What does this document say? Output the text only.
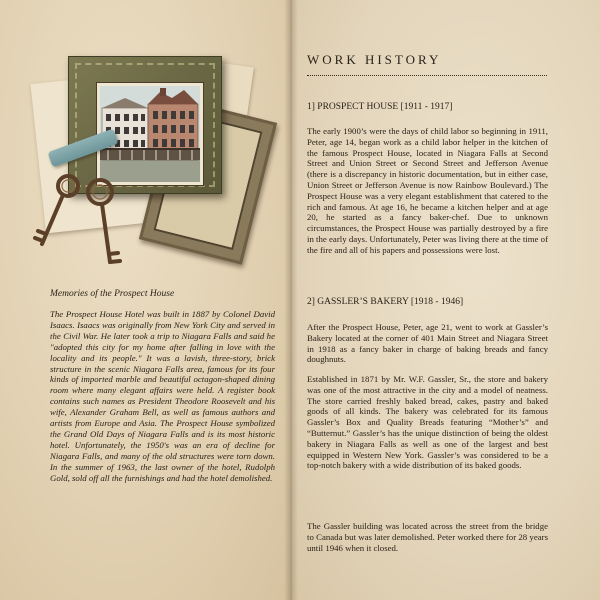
Memories of the Prospect House

The Prospect House Hotel was built in 1887 by Colonel David Isaacs. Isaacs was originally from New York City and served in the Civil War. He later took a trip to Niagara Falls and said he "adopted this city for my home after falling in love with the locality and its people." It was a lavish, three-story, brick structure in the scenic Niagara Falls area, famous for its four kinds of imported marble and beautiful octagon-shaped dining room where many elegant affairs were held. A register book contains such names as President Theodore Roosevelt and his wife, Alexander Graham Bell, as well as famous authors and artists from Europe and Asia. The Prospect House symbolized the Grand Old Days of Niagara Falls and is its most historic hotel. Unfortunately, the 1950's was an era of decline for Niagara Falls, and many of the old structures were torn down. In the summer of 1963, the last owner of the hotel, Rudolph Gold, sold off all the furnishings and had the hotel demolished.

WORK HISTORY

1] PROSPECT HOUSE [1911 - 1917]

The early 1900’s were the days of child labor so beginning in 1911, Peter, age 14, began work as a child labor helper in the kitchen of the famous Prospect House, located in Niagara Falls at Second Street and Union Street or Second Street and Jefferson Avenue (there is a discrepancy in historic documentation, but in either case, Union Street or Jefferson Avenue is now Rainbow Boulevard.) The Prospect House was a very elegant establishment that catered to the rich and famous. At age 16, he became a kitchen helper and at age 20, he started as a fancy baker-chef. Due to unknown circumstances, the Prospect House was partially destroyed by a fire in the early days. Unfortunately, Peter was living there at the time of the fire and all of his papers and possessions were lost.

2] GASSLER’S BAKERY [1918 - 1946]

After the Prospect House, Peter, age 21, went to work at Gassler’s Bakery located at the corner of 401 Main Street and Niagara Street in 1918 as a fancy baker in charge of baking breads and fancy doughnuts.

Established in 1871 by Mr. W.F. Gassler, Sr., the store and bakery was one of the most attractive in the city and a model of neatness. The store carried freshly baked bread, cakes, pastry and baked goods of all kinds. The bakery was celebrated for its famous Gassler’s Box and Quality Breads featuring “Mother’s” and “Butternut.” Gassler’s has the unique distinction of being the oldest bakery in Niagara Falls as well as one of the largest and best equipped in Western New York. Gassler’s was considered to be a top-notch bakery with a wide distribution of its baked goods.

The Gassler building was located across the street from the bridge to Canada but was later demolished. Peter worked there for 28 years until 1946 when it closed.
